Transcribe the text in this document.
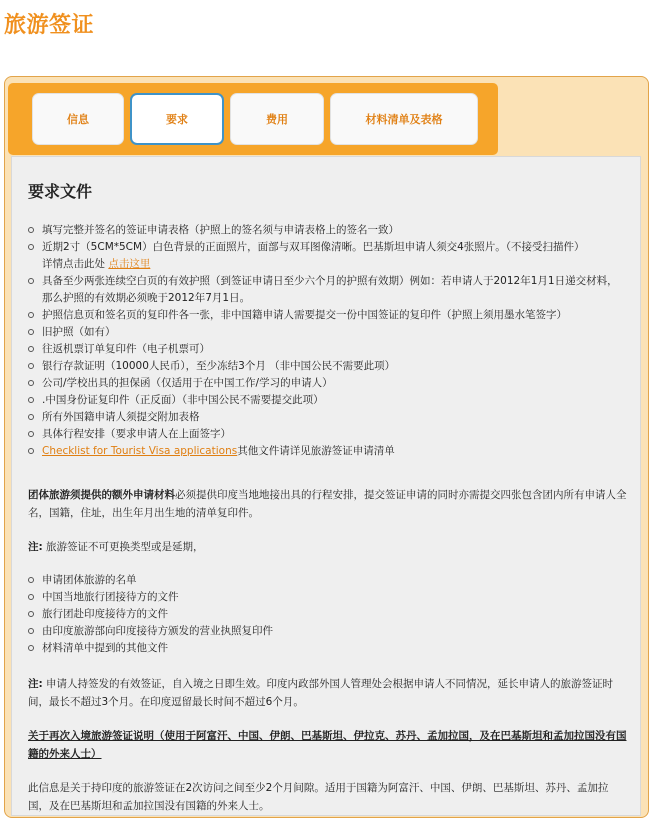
旅游签证
信息	要求	费用	材料清单及表格
要求文件
填写完整并签名的签证申请表格（护照上的签名须与申请表格上的签名一致）
近期2寸（5CM*5CM）白色背景的正面照片，面部与双耳图像清晰。巴基斯坦申请人须交4张照片。（不接受扫描件）
详情点击此处 点击这里
具备至少两张连续空白页的有效护照（到签证申请日至少六个月的护照有效期）例如：若申请人于2012年1月1日递交材料，那么护照的有效期必须晚于2012年7月1日。
护照信息页和签名页的复印件各一张，非中国籍申请人需要提交一份中国签证的复印件（护照上须用墨水笔签字）
旧护照（如有）
往返机票订单复印件（电子机票可）
银行存款证明（10000人民币），至少冻结3个月 （非中国公民不需要此项）
公司/学校出具的担保函（仅适用于在中国工作/学习的申请人）
.中国身份证复印件（正反面）（非中国公民不需要提交此项）
所有外国籍申请人须提交附加表格
具体行程安排（要求申请人在上面签字）
Checklist for Tourist Visa applications其他文件请详见旅游签证申请清单

团体旅游须提供的额外申请材料必须提供印度当地地接出具的行程安排，提交签证申请的同时亦需提交四张包含团内所有申请人全名，国籍，住址，出生年月出生地的清单复印件。

注: 旅游签证不可更换类型或是延期，

申请团体旅游的名单
中国当地旅行团接待方的文件
旅行团赴印度接待方的文件
由印度旅游部向印度接待方颁发的营业执照复印件
材料清单中提到的其他文件

注: 申请人持签发的有效签证，自入境之日即生效。印度内政部外国人管理处会根据申请人不同情况，延长申请人的旅游签证时间，最长不超过3个月。在印度逗留最长时间不超过6个月。

关于再次入境旅游签证说明（使用于阿富汗、中国、伊朗、巴基斯坦、伊拉克、苏丹、孟加拉国，及在巴基斯坦和孟加拉国没有国籍的外来人士）

此信息是关于持印度的旅游签证在2次访问之间至少2个月间隙。适用于国籍为阿富汗、中国、伊朗、巴基斯坦、苏丹、孟加拉国，及在巴基斯坦和孟加拉国没有国籍的外来人士。
